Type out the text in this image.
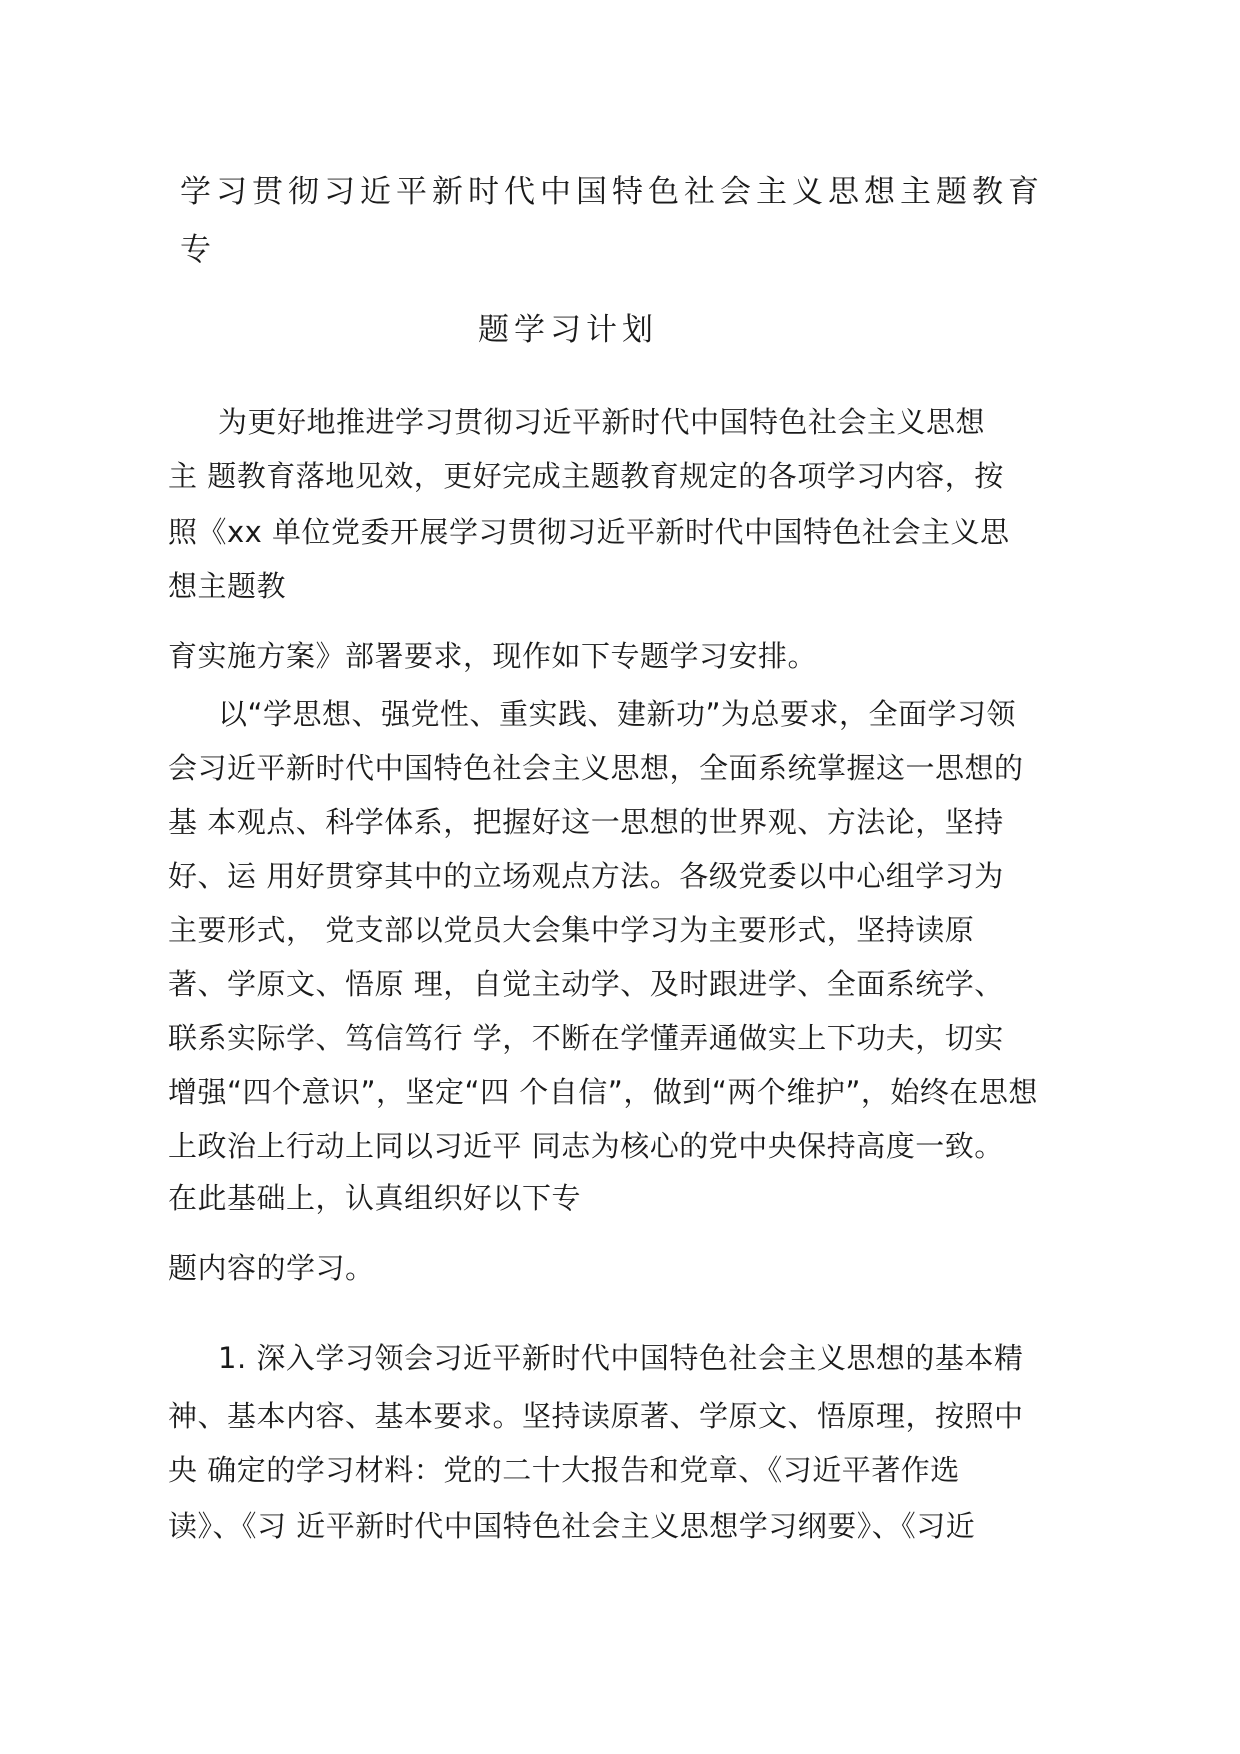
学习贯彻习近平新时代中国特色社会主义思想主题教育
专
题学习计划
为更好地推进学习贯彻习近平新时代中国特色社会主义思想
主 题教育落地见效，更好完成主题教育规定的各项学习内容，按
照《xx 单位党委开展学习贯彻习近平新时代中国特色社会主义思
想主题教
育实施方案》部署要求，现作如下专题学习安排。
以“学思想、强党性、重实践、建新功”为总要求，全面学习领
会习近平新时代中国特色社会主义思想，全面系统掌握这一思想的
基 本观点、科学体系，把握好这一思想的世界观、方法论，坚持
好、运 用好贯穿其中的立场观点方法。各级党委以中心组学习为
主要形式， 党支部以党员大会集中学习为主要形式，坚持读原
著、学原文、悟原 理，自觉主动学、及时跟进学、全面系统学、
联系实际学、笃信笃行 学，不断在学懂弄通做实上下功夫，切实
增强“四个意识”，坚定“四 个自信”，做到“两个维护”，始终在思想
上政治上行动上同以习近平 同志为核心的党中央保持高度一致。
在此基础上，认真组织好以下专
题内容的学习。
1. 深入学习领会习近平新时代中国特色社会主义思想的基本精
神、基本内容、基本要求。坚持读原著、学原文、悟原理，按照中
央 确定的学习材料：党的二十大报告和党章、《习近平著作选
读》、《习 近平新时代中国特色社会主义思想学习纲要》、《习近
